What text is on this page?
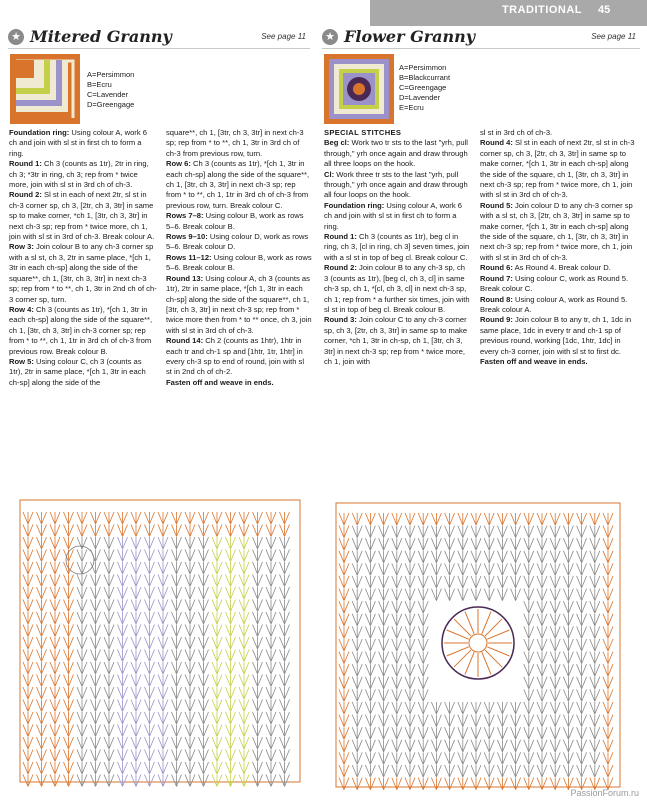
TRADITIONAL 45
★ Mitered Granny	See page 11 ★ Flower Granny	See page 11
A=Persimmon
B=Ecru
C=Lavender
D=Greengage
A=Persimmon
B=Blackcurrant
C=Greengage
D=Lavender
E=Ecru

Foundation ring: Using colour A, work 6 ch and join with sl st in first ch to form a ring.

Round 1: Ch 3 (counts as 1tr), 2tr in ring, ch 3; *3tr in ring, ch 3; rep from * twice more, join with sl st in 3rd ch of ch-3.

Round 2: Sl st in each of next 2tr, sl st in ch-3 corner sp, ch 3, [2tr, ch 3, 3tr] in same sp to make corner, *ch 1, [3tr, ch 3, 3tr] in next ch-3 sp; rep from * twice more, ch 1, join with sl st in 3rd of ch-3. Break colour A.

Row 3: Join colour B to any ch-3 corner sp with a sl st, ch 3, 2tr in same place, *[ch 1, 3tr in each ch-sp] along the side of the square**, ch 1, [3tr, ch 3, 3tr] in next ch-3 sp; rep from * to **, ch 1, 3tr in 2nd ch of ch-3 corner sp, turn.

Row 4: Ch 3 (counts as 1tr), *[ch 1, 3tr in each ch-sp] along the side of the square**, ch 1, [3tr, ch 3, 3tr] in ch-3 corner sp; rep from * to **, ch 1, 1tr in 3rd ch of ch-3 from previous row. Break colour B.

Row 5: Using colour C, ch 3 (counts as 1tr), 2tr in same place, *[ch 1, 3tr in each ch-sp] along the side of the

square**, ch 1, [3tr, ch 3, 3tr] in next ch-3 sp; rep from * to **, ch 1, 3tr in 3rd ch of ch-3 from previous row, turn.

Row 6: Ch 3 (counts as 1tr), *[ch 1, 3tr in each ch-sp] along the side of the square**, ch 1, [3tr, ch 3, 3tr] in next ch-3 sp; rep from * to **, ch 1, 1tr in 3rd ch of ch-3 from previous row, turn. Break colour C.

Rows 7–8: Using colour B, work as rows 5–6. Break colour B.

Rows 9–10: Using colour D, work as rows 5–6. Break colour D.

Rows 11–12: Using colour B, work as rows 5–6. Break colour B.

Round 13: Using colour A, ch 3 (counts as 1tr), 2tr in same place, *[ch 1, 3tr in each ch-sp] along the side of the square**, ch 1, [3tr, ch 3, 3tr] in next ch-3 sp; rep from * twice more then from * to ** once, ch 3, join with sl st in 3rd ch of ch-3.

Round 14: Ch 2 (counts as 1htr), 1htr in each tr and ch-1 sp and [1htr, 1tr, 1htr] in every ch-3 sp to end of round, join with sl st in 2nd ch of ch-2.

Fasten off and weave in ends.

SPECIAL STITCHES

Beg cl: Work two tr sts to the last "yrh, pull through," yrh once again and draw through all three loops on the hook.

Cl: Work three tr sts to the last "yrh, pull through," yrh once again and draw through all four loops on the hook.

Foundation ring: Using colour A, work 6 ch and join with sl st in first ch to form a ring.

Round 1: Ch 3 (counts as 1tr), beg cl in ring, ch 3, [cl in ring, ch 3] seven times, join with a sl st in top of beg cl. Break colour C.

Round 2: Join colour B to any ch-3 sp, ch 3 (counts as 1tr), [beg cl, ch 3, cl] in same ch-3 sp, ch 1, *[cl, ch 3, cl] in next ch-3 sp, ch 1; rep from * a further six times, join with sl st in top of beg cl. Break colour B.

Round 3: Join colour C to any ch-3 corner sp, ch 3, [2tr, ch 3, 3tr] in same sp to make corner, *ch 1, 3tr in ch-sp, ch 1, [3tr, ch 3, 3tr] in next ch-3 sp; rep from * twice more, ch 1, join with

sl st in 3rd ch of ch-3.

Round 4: Sl st in each of next 2tr, sl st in ch-3 corner sp, ch 3, [2tr, ch 3, 3tr] in same sp to make corner, *[ch 1, 3tr in each ch-sp] along the side of the square, ch 1, [3tr, ch 3, 3tr] in next ch-3 sp; rep from * twice more, ch 1, join with sl st in 3rd ch of ch-3.

Round 5: Join colour D to any ch-3 corner sp with a sl st, ch 3, [2tr, ch 3, 3tr] in same sp to make corner, *[ch 1, 3tr in each ch-sp] along the side of the square, ch 1, [3tr, ch 3, 3tr] in next ch-3 sp; rep from * twice more, ch 1, join with sl st in 3rd ch of ch-3.

Round 6: As Round 4. Break colour D.

Round 7: Using colour C, work as Round 5. Break colour C.

Round 8: Using colour A, work as Round 5. Break colour A.

Round 9: Join colour B to any tr, ch 1, 1dc in same place, 1dc in every tr and ch-1 sp of previous round, working [1dc, 1htr, 1dc] in every ch-3 corner, join with sl st to first dc.

Fasten off and weave in ends.

PassionForum.ru
